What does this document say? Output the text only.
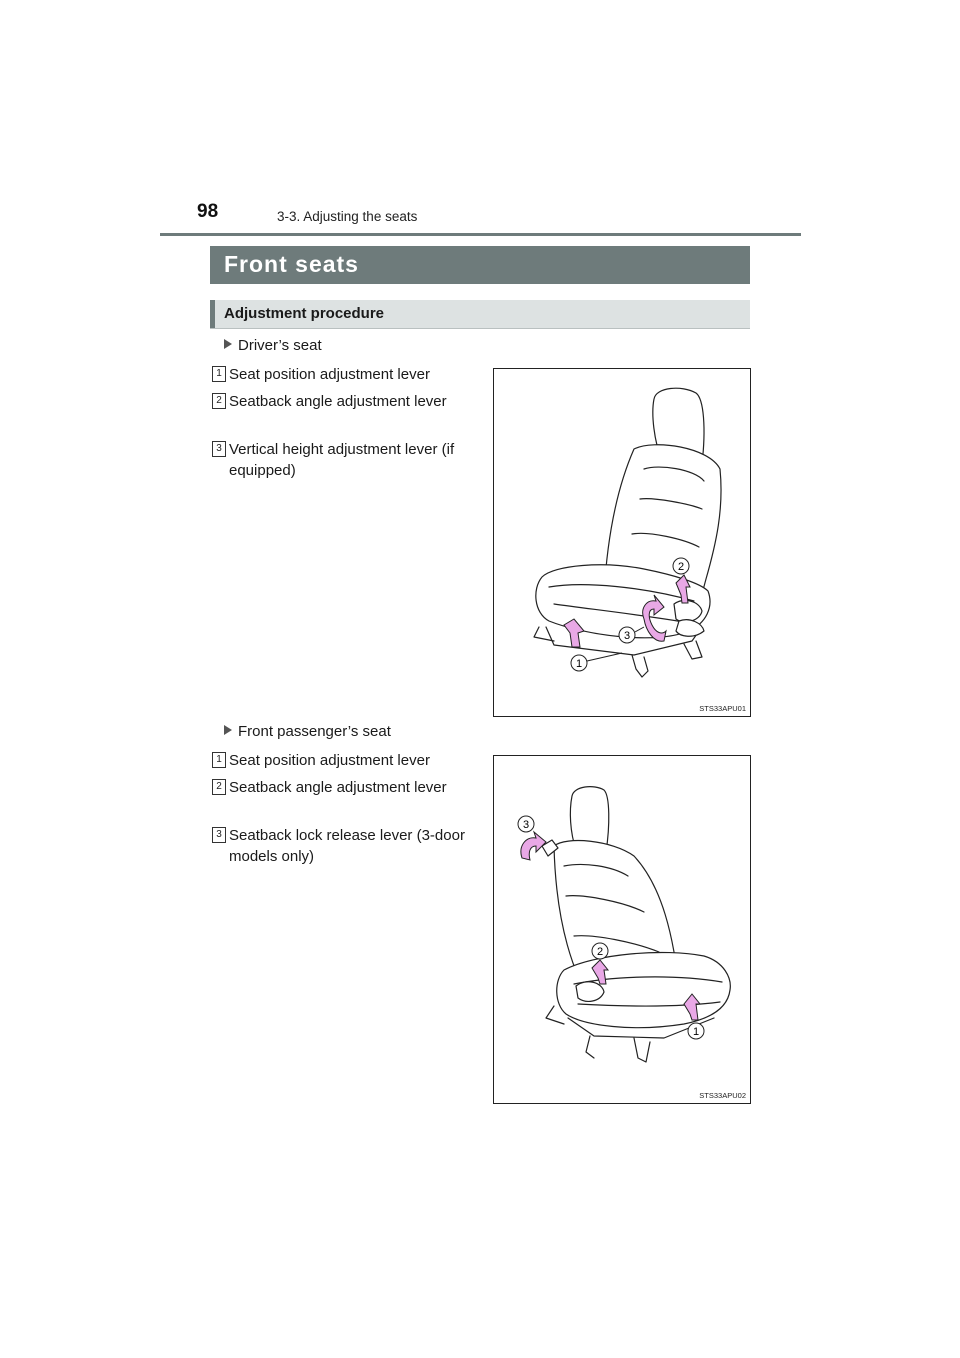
98	3-3. Adjusting the seats
Front seats
Adjustment procedure
Driver’s seat
1 Seat position adjustment lever
2 Seatback angle adjustment lever
3 Vertical height adjustment lever (if equipped)
1
2
3
STS33APU01
Front passenger’s seat
1 Seat position adjustment lever
2 Seatback angle adjustment lever
3 Seatback lock release lever (3-door models only)
1
2
3
STS33APU02
